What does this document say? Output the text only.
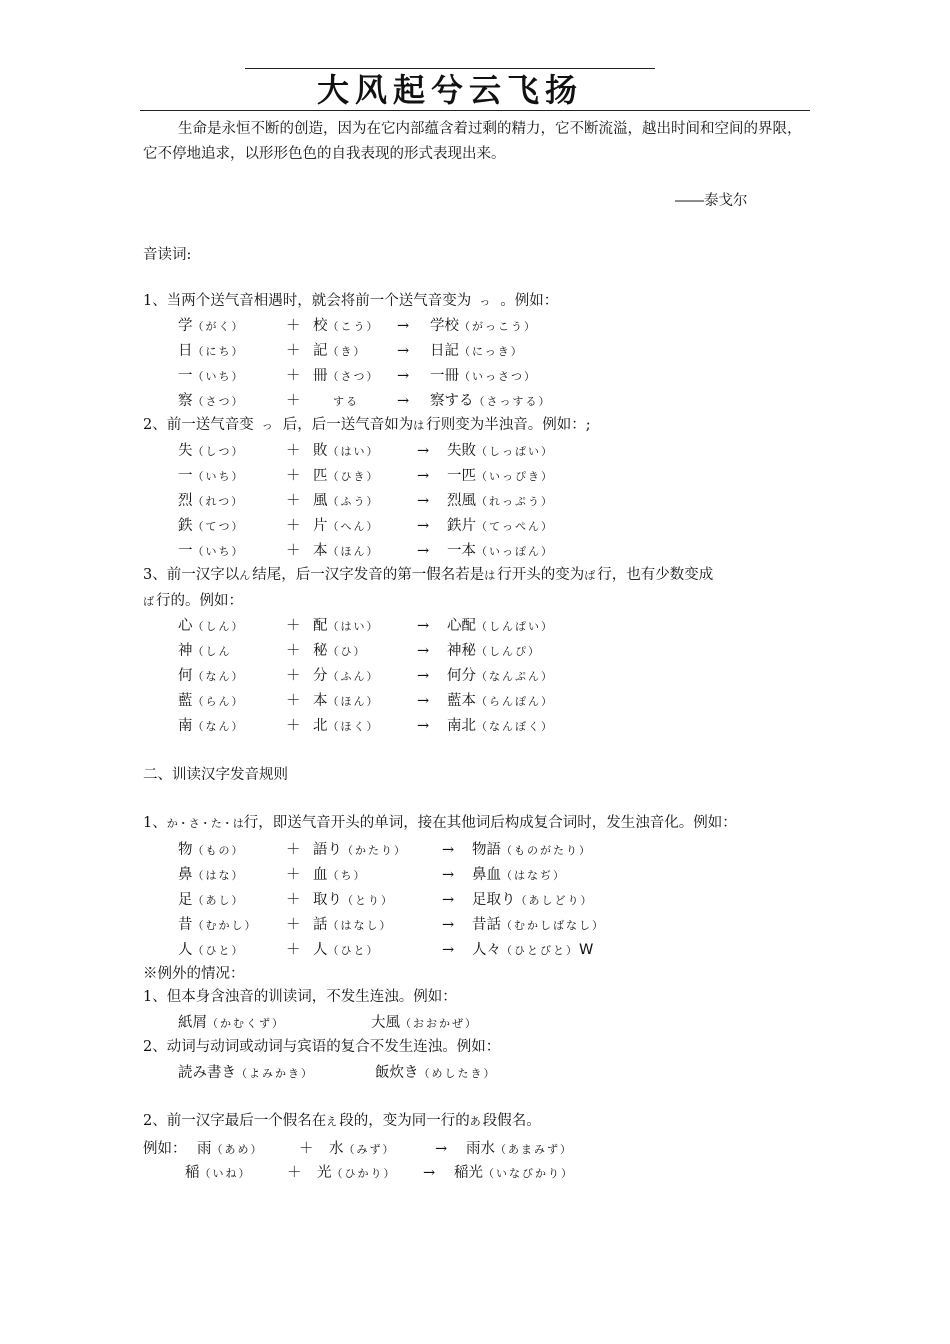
大风起兮云飞扬
生命是永恒不断的创造，因为在它内部蕴含着过剩的精力，它不断流溢，越出时间和空间的界限，它不停地追求，以形形色色的自我表现的形式表现出来。
――泰戈尔
音读词:
1、当两个送气音相遇时，就会将前一个送气音变为 っ 。例如：
学（がく）	＋ 校（こう） → 学校（がっこう）
日（にち）	＋ 記（き） → 日記（にっき）
一（いち）	＋ 冊（さつ） → 一冊（いっさつ）
察（さつ）	＋	する	→ 察する（さっする）
2、前一送气音变 っ 后，后一送气音如为は行则变为半浊音。例如：;
失（しつ）	＋ 敗（はい）	→ 失敗（しっぱい）
一（いち）	＋ 匹（ひき）	→ 一匹（いっぴき）
烈（れつ）	＋ 風（ふう）	→ 烈風（れっぷう）
鉄（てつ）	＋ 片（へん）	→ 鉄片（てっぺん）
一（いち）	＋ 本（ほん）	→ 一本（いっぽん）
3、前一汉字以ん结尾，后一汉字发音的第一假名若是は行开头的变为ぱ行，也有少数变成
ば行的。例如：
心（しん）	＋ 配（はい）	→ 心配（しんぱい）
神（しん	＋ 秘（ひ）	→ 神秘（しんぴ）
何（なん）	＋ 分（ふん）	→ 何分（なんぷん）
藍（らん）	＋ 本（ほん）	→ 藍本（らんぽん）
南（なん）	＋ 北（ほく）	→ 南北（なんぼく）
二、训读汉字发音规则
1、か・さ・た・は行，即送气音开头的单词，接在其他词后构成复合词时，发生浊音化。例如：
物（もの）	＋ 語り（かたり） → 物語（ものがたり）
鼻（はな）	＋ 血（ち）	→ 鼻血（はなぢ）
足（あし）	＋ 取り（とり）	→ 足取り（あしどり）
昔（むかし） ＋ 話（はなし）	→ 昔話（むかしばなし）
人（ひと）	＋ 人（ひと）	→ 人々（ひとびと）W
※例外的情况：
1、但本身含浊音的训读词，不发生连浊。例如：
紙屑（かむくず）	大風（おおかぜ）
2、动词与动词或动词与宾语的复合不发生连浊。例如：
読み書き（よみかき）	飯炊き（めしたき）
2、前一汉字最后一个假名在え段的，变为同一行的あ段假名。
例如： 雨（あめ） ＋ 水（みず）	→ 雨水（あまみず）
稲（いね） ＋ 光（ひかり） → 稲光（いなびかり）
